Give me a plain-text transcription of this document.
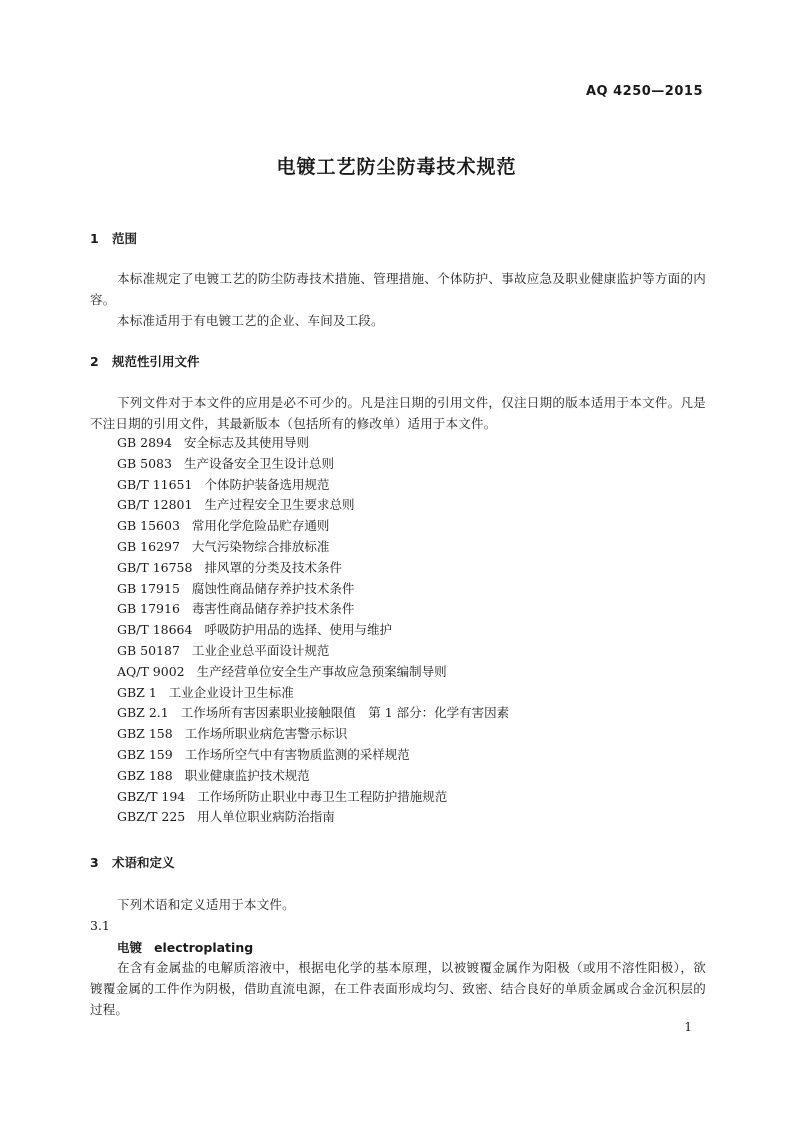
AQ 4250—2015
电镀工艺防尘防毒技术规范
1 范围
本标准规定了电镀工艺的防尘防毒技术措施、管理措施、个体防护、事故应急及职业健康监护等方面的内容。
本标准适用于有电镀工艺的企业、车间及工段。
2 规范性引用文件
下列文件对于本文件的应用是必不可少的。凡是注日期的引用文件，仅注日期的版本适用于本文件。凡是不注日期的引用文件，其最新版本（包括所有的修改单）适用于本文件。
GB 2894 安全标志及其使用导则
GB 5083 生产设备安全卫生设计总则
GB/T 11651 个体防护装备选用规范
GB/T 12801 生产过程安全卫生要求总则
GB 15603 常用化学危险品贮存通则
GB 16297 大气污染物综合排放标准
GB/T 16758 排风罩的分类及技术条件
GB 17915 腐蚀性商品储存养护技术条件
GB 17916 毒害性商品储存养护技术条件
GB/T 18664 呼吸防护用品的选择、使用与维护
GB 50187 工业企业总平面设计规范
AQ/T 9002 生产经营单位安全生产事故应急预案编制导则
GBZ 1 工业企业设计卫生标准
GBZ 2.1 工作场所有害因素职业接触限值　第 1 部分：化学有害因素
GBZ 158 工作场所职业病危害警示标识
GBZ 159 工作场所空气中有害物质监测的采样规范
GBZ 188 职业健康监护技术规范
GBZ/T 194 工作场所防止职业中毒卫生工程防护措施规范
GBZ/T 225 用人单位职业病防治指南
3 术语和定义
下列术语和定义适用于本文件。
3.1
电镀 electroplating
在含有金属盐的电解质溶液中，根据电化学的基本原理，以被镀覆金属作为阳极（或用不溶性阳极），欲镀覆金属的工件作为阴极，借助直流电源，在工件表面形成均匀、致密、结合良好的单质金属或合金沉积层的过程。
1
